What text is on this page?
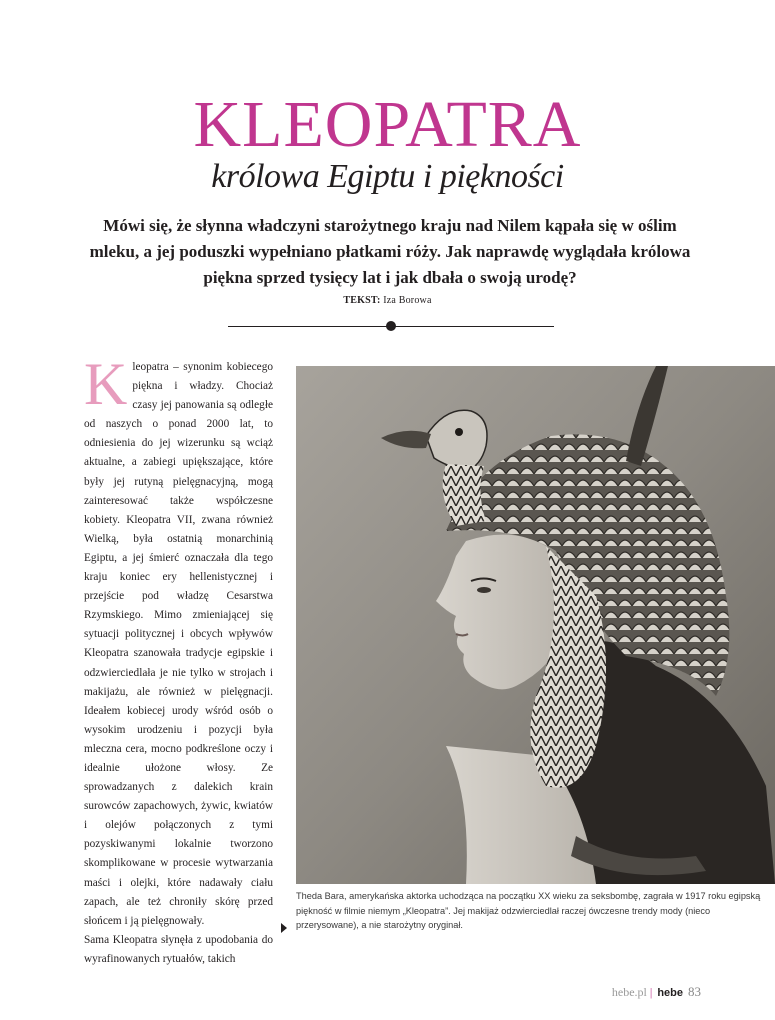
KLEOPATRA
królowa Egiptu i piękności

Mówi się, że słynna władczyni starożytnego kraju nad Nilem kąpała się w oślim mleku, a jej poduszki wypełniano płatkami róży. Jak naprawdę wyglądała królowa piękna sprzed tysięcy lat i jak dbała o swoją urodę?

TEKST: Iza Borowa
K leopatra – synonim kobiecego piękna i władzy. Chociaż czasy jej panowania są odległe od naszych o ponad 2000 lat, to odniesienia do jej wizerunku są wciąż aktualne, a zabiegi upiększające, które były jej rutyną pielęgnacyjną, mogą zainteresować także współczesne kobiety. Kleopatra VII, zwana również Wielką, była ostatnią monarchinią Egiptu, a jej śmierć oznaczała dla tego kraju koniec ery hellenistycznej i przejście pod władzę Cesarstwa Rzymskiego. Mimo zmieniającej się sytuacji politycznej i obcych wpływów Kleopatra szanowała tradycje egipskie i odzwierciedlała je nie tylko w strojach i makijażu, ale również w pielęgnacji. Ideałem kobiecej urody wśród osób o wysokim urodzeniu i pozycji była mleczna cera, mocno podkreślone oczy i idealnie ułożone włosy. Ze sprowadzanych z dalekich krain surowców zapachowych, żywic, kwiatów i olejów połączonych z tymi pozyskiwanymi lokalnie tworzono skomplikowane w procesie wytwarzania maści i olejki, które nadawały ciału zapach, ale też chroniły skórę przed słońcem i ją pielęgnowały.

Sama Kleopatra słynęła z upodobania do wyrafinowanych rytuałów, takich

Theda Bara, amerykańska aktorka uchodząca na początku XX wieku za seksbombę, zagrała w 1917 roku egipską piękność w filmie niemym „Kleopatra”. Jej makijaż odzwierciedlał raczej ówczesne trendy mody (nieco przerysowane), a nie starożytny oryginał.
hebe.pl | hebe 83
